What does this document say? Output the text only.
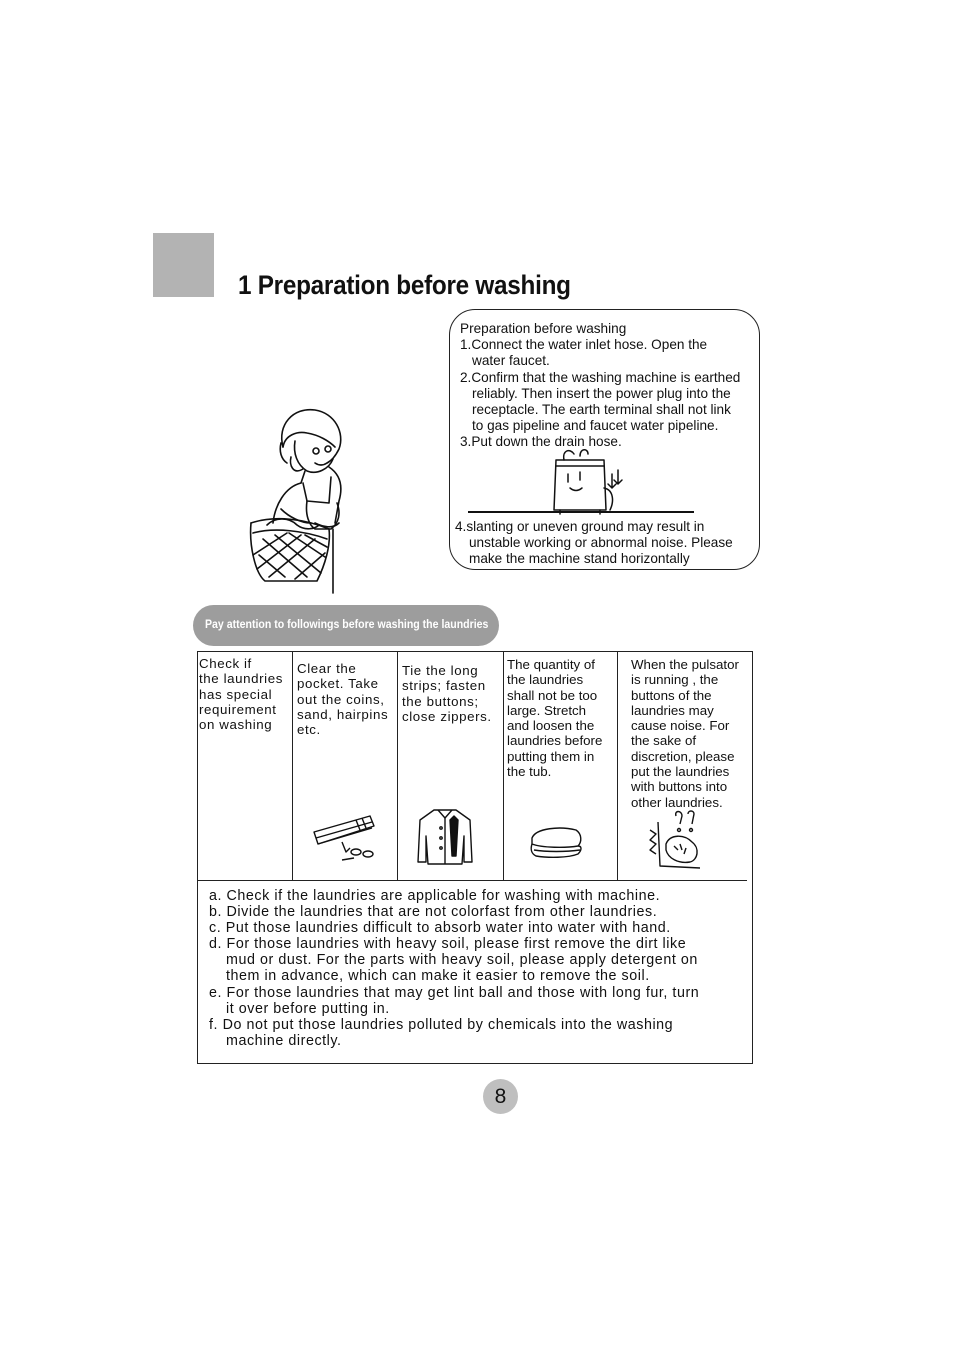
1 Preparation before washing
Preparation before washing
1.Connect the water inlet hose. Open the
water faucet.
2.Confirm that the washing machine is earthed
reliably. Then insert the power plug into the
receptacle. The earth terminal shall not link
to gas pipeline and faucet water pipeline.
3.Put down the drain hose.
4.slanting or uneven ground may result in
unstable working or abnormal noise. Please
make the machine stand horizontally
Pay attention to followings before washing the laundries
Check if
the laundries
has special
requirement
on washing
Clear the
pocket. Take
out the coins,
sand, hairpins
etc.
Tie the long
strips; fasten
the buttons;
close zippers.
The quantity of
the laundries
shall not be too
large. Stretch
and loosen the
laundries before
putting them in
the tub.
When the pulsator
is running , the
buttons of the
laundries may
cause noise. For
the sake of
discretion, please
put the laundries
with buttons into
other laundries.
a. Check if the laundries are applicable for washing with machine.
b. Divide the laundries that are not colorfast from other laundries.
c. Put those laundries difficult to absorb water into water with hand.
d. For those laundries with heavy soil, please first remove the dirt like
mud or dust. For the parts with heavy soil, please apply detergent on
them in advance, which can make it easier to remove the soil.
e. For those laundries that may get lint ball and those with long fur, turn
it over before putting in.
f. Do not put those laundries polluted by chemicals into the washing
machine directly.
8
